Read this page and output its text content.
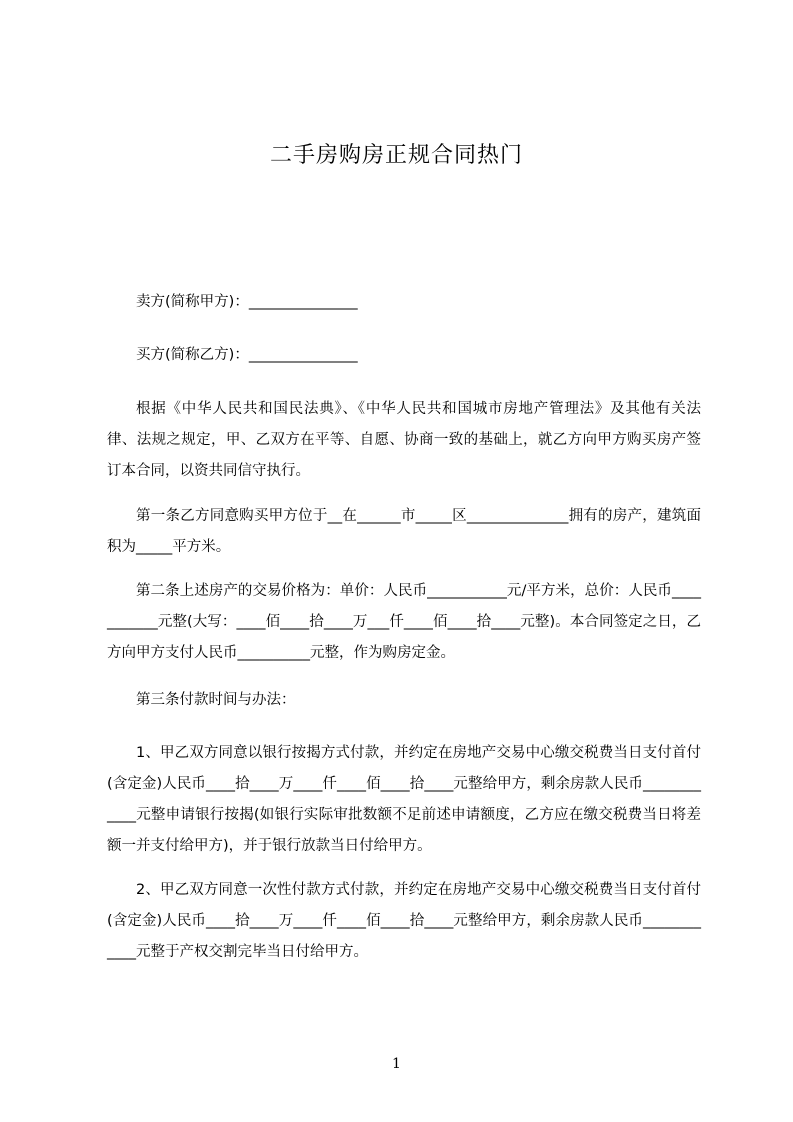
二手房购房正规合同热门

卖方(简称甲方)：_______________

买方(简称乙方)：_______________

根据《中华人民共和国民法典》、《中华人民共和国城市房地产管理法》及其他有关法律、法规之规定，甲、乙双方在平等、自愿、协商一致的基础上，就乙方向甲方购买房产签订本合同，以资共同信守执行。

第一条乙方同意购买甲方位于__在______市_____区______________拥有的房产，建筑面积为_____平方米。

第二条上述房产的交易价格为：单价：人民币___________元/平方米，总价：人民币___________元整(大写：____佰____拾____万___仟____佰____拾____元整)。本合同签定之日，乙方向甲方支付人民币__________元整，作为购房定金。

第三条付款时间与办法：

1、甲乙双方同意以银行按揭方式付款，并约定在房地产交易中心缴交税费当日支付首付(含定金)人民币____拾____万____仟____佰____拾____元整给甲方，剩余房款人民币____________元整申请银行按揭(如银行实际审批数额不足前述申请额度，乙方应在缴交税费当日将差额一并支付给甲方)，并于银行放款当日付给甲方。

2、甲乙双方同意一次性付款方式付款，并约定在房地产交易中心缴交税费当日支付首付(含定金)人民币____拾____万____仟____佰____拾____元整给甲方，剩余房款人民币____________元整于产权交割完毕当日付给甲方。

1
